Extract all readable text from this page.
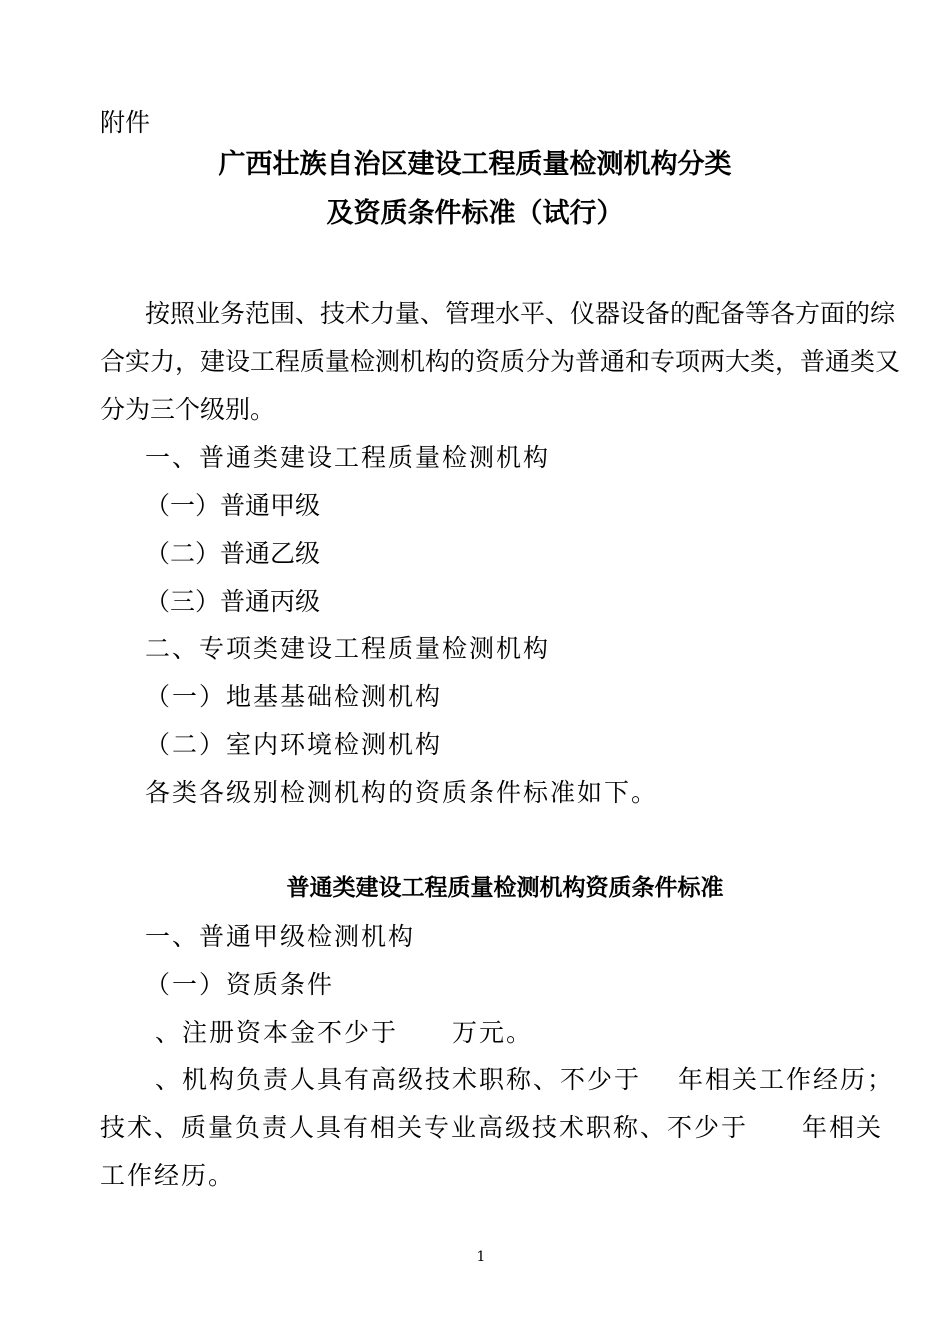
附件
广西壮族自治区建设工程质量检测机构分类
及资质条件标准（试行）
按照业务范围、技术力量、管理水平、仪器设备的配备等各方面的综
合实力，建设工程质量检测机构的资质分为普通和专项两大类，普通类又
分为三个级别。
一、普通类建设工程质量检测机构
（一）普通甲级
（二）普通乙级
（三）普通丙级
二、专项类建设工程质量检测机构
（一）地基基础检测机构
（二）室内环境检测机构
各类各级别检测机构的资质条件标准如下。
普通类建设工程质量检测机构资质条件标准
一、普通甲级检测机构
（一）资质条件
、注册资本金不少于　　万元。
、机构负责人具有高级技术职称、不少于　 年相关工作经历；
技术、质量负责人具有相关专业高级技术职称、不少于　　年相关
工作经历。
1
